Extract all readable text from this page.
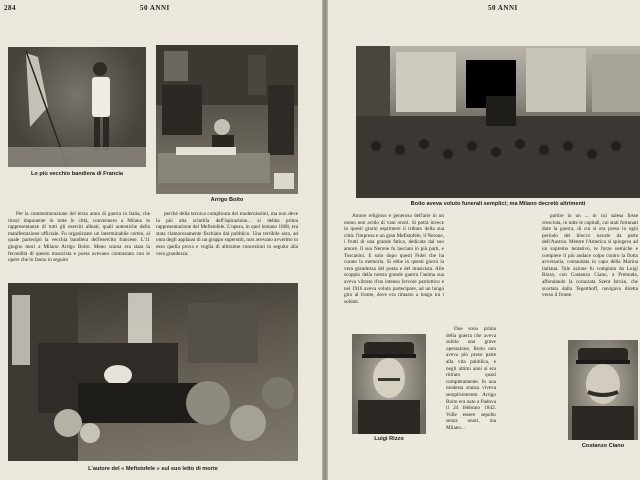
284	50 ANNI
Lo più vecchio bandiera di Francia
Arrigo Boito

Per la commemorazione del terzo anno di guerra in Italia, che riuscì imponente in tutte le città, convennero a Milano le rappresentanze di tutti gli eserciti alleati, quali autentiche della manifestazione ufficiale. Fu organizzato un interminabile corteo, al quale partecipò la vecchia bandiera dell'esercito francese. L'11 giugno morì a Milano Arrigo Boito. Meno scarsa era stata la fecondità di questo musicista e poeta avevano contrastato con le opere che lo fanno in seguito

perché della tecnica complicata dei modernissimi, ma non deve la più alta scintilla dell'ispirazione... si debba prima rappresentazione del Mefistofele. L'opera, in quel lontano 1868, era stata clamorosamente fischiata dal pubblico. Una terribile sera, ad onta degli applausi di un gruppo superstiti, non avevano avvertito in esso quella prova e voglia di altissime concezioni in seguito alla vera grandezza.

L'autore del « Mefistofele » sul suo letto di morte
50 ANNI
Boito aveva voluto funerali semplici; ma Milano decretò altrimenti

Amore religioso e generoso dell'arte in un uomo non avido di vani onori. Si potrà invece in questi giorni esprimere il tributo della sua città: l'impresa e un gran Mefistofele, il Nerone, i frutti di una grande fatica, dedicata dal suo amore. Il suo Nerone fu lasciato in più parti, e Toscanini. E solo dopo questi Fidei che ha curato la memoria. Si ebbe in questi giorni la vera grandezza del poeta e del musicista. Alle scoppio della nostra grande guerra l'anima sua aveva vibrato d'un intenso fervore patriottico e nel 1916 aveva voluto partecipare, ad un lungo giro al fronte, dove era rimasto a lungo tra i soldati.

Due sono prima della guerra che aveva subito una grave operazione, Boito non aveva più preso parte alla vita pubblica, e negli ultimi anni si era ritirato quasi completamente. In una modesta stanza viveva semplicemente. Arrigo Boito era nato a Padova il 24 febbraio 1842. Volle essere sepolto senza onori, ma Milano...

partire in un ... in cui salesa fosse cresciuta, in tutte le capitali, cui stati fortunati dare la guerra, di cui si era preso in ogni periodo del blocco navale da parte dell'Austria. Mentre l'America si spingeva ad un supremo tentativo, le forze nemiche e compiere il più audace colpo contro la flotta avversaria, comandata in capo della Marina italiana. Tale azione fu compiuta da Luigi Rizzo, con Costanzo Ciano, a Premuda, affondando la corazzata Szent István, che scortata dalla Tegetthoff, navigava diretta verso il fronte.

Luigi Rizzo
Costanzo Ciano
